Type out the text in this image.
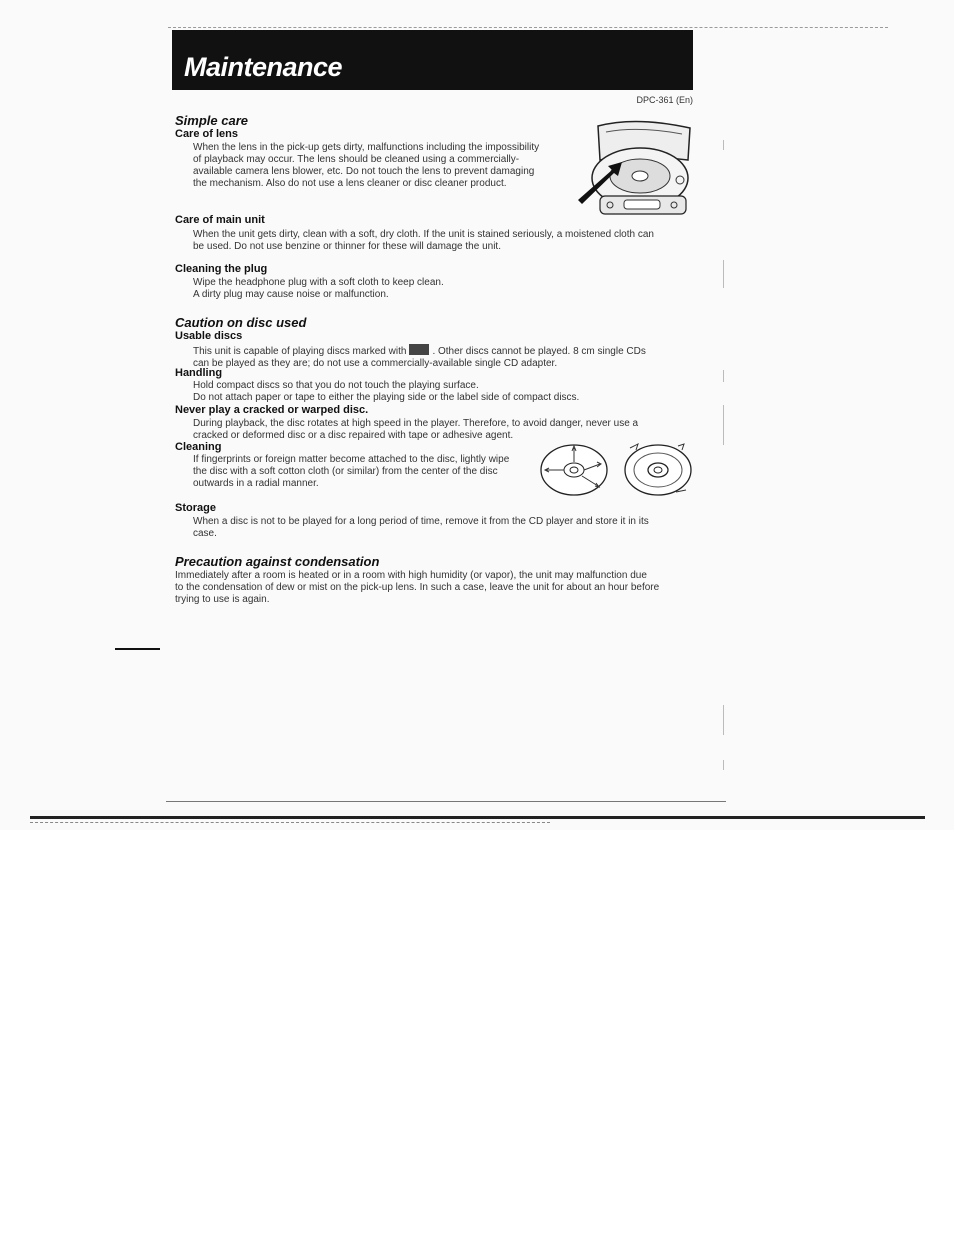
Maintenance
DPC-361 (En)
Simple care
Care of lens
When the lens in the pick-up gets dirty, malfunctions including the impossibility
of playback may occur. The lens should be cleaned using a commercially-
available camera lens blower, etc. Do not touch the lens to prevent damaging
the mechanism. Also do not use a lens cleaner or disc cleaner product.
Care of main unit
When the unit gets dirty, clean with a soft, dry cloth. If the unit is stained seriously, a moistened cloth can
be used. Do not use benzine or thinner for these will damage the unit.
Cleaning the plug
Wipe the headphone plug with a soft cloth to keep clean.
A dirty plug may cause noise or malfunction.
Caution on disc used
Usable discs
This unit is capable of playing discs marked with	. Other discs cannot be played. 8 cm single CDs
can be played as they are; do not use a commercially-available single CD adapter.
Handling
Hold compact discs so that you do not touch the playing surface.
Do not attach paper or tape to either the playing side or the label side of compact discs.
Never play a cracked or warped disc.
During playback, the disc rotates at high speed in the player. Therefore, to avoid danger, never use a
cracked or deformed disc or a disc repaired with tape or adhesive agent.
Cleaning
If fingerprints or foreign matter become attached to the disc, lightly wipe
the disc with a soft cotton cloth (or similar) from the center of the disc
outwards in a radial manner.
Storage
When a disc is not to be played for a long period of time, remove it from the CD player and store it in its
case.
Precaution against condensation
Immediately after a room is heated or in a room with high humidity (or vapor), the unit may malfunction due
to the condensation of dew or mist on the pick-up lens. In such a case, leave the unit for about an hour before
trying to use is again.
